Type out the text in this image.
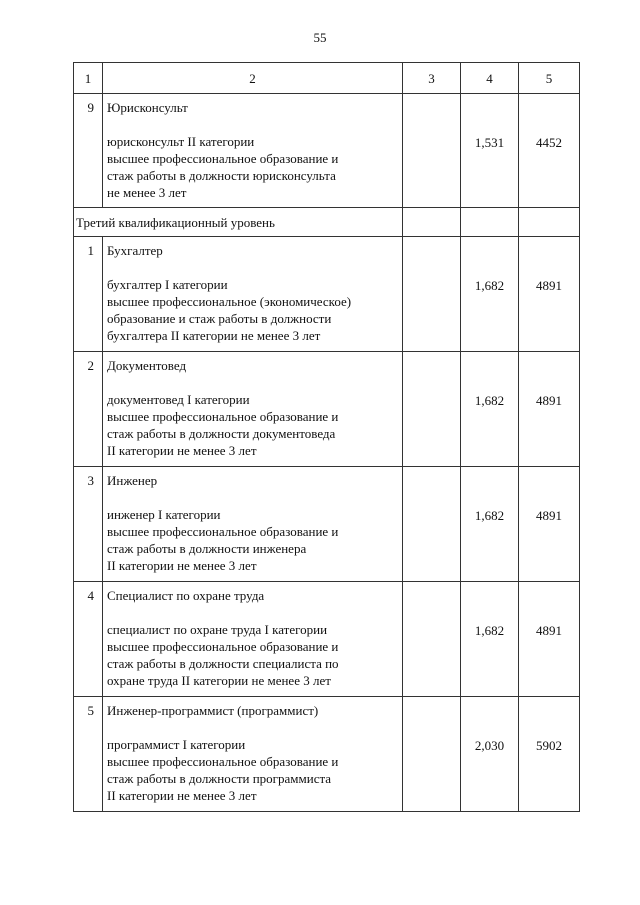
55
1	2	3	4	5
9	Юрисконсульт
юрисконсульт II категории
высшее профессиональное образование и
стаж работы в должности юрисконсульта
не менее 3 лет		1,531	4452
Третий квалификационный уровень				
1	Бухгалтер
бухгалтер I категории
высшее профессиональное (экономическое)
образование и стаж работы в должности
бухгалтера II категории не менее 3 лет		1,682	4891
2	Документовед
документовед I категории
высшее профессиональное образование и
стаж работы в должности документоведа
II категории не менее 3 лет		1,682	4891
3	Инженер
инженер I категории
высшее профессиональное образование и
стаж работы в должности инженера
II категории не менее 3 лет		1,682	4891
4	Специалист по охране труда
специалист по охране труда I категории
высшее профессиональное образование и
стаж работы в должности специалиста по
охране труда II категории не менее 3 лет		1,682	4891
5	Инженер-программист (программист)
программист I категории
высшее профессиональное образование и
стаж работы в должности программиста
II категории не менее 3 лет		2,030	5902
